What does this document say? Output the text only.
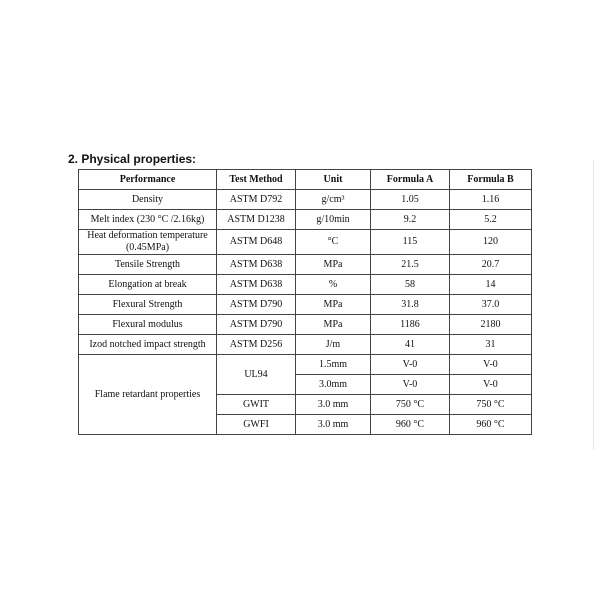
2. Physical properties:
Performance	Test Method	Unit	Formula A	Formula B
Density	ASTM D792	g/cm³	1.05	1.16
Melt index (230 °C /2.16kg)	ASTM D1238	g/10min	9.2	5.2
Heat deformation temperature (0.45MPa)	ASTM D648	°C	115	120
Tensile Strength	ASTM D638	MPa	21.5	20.7
Elongation at break	ASTM D638	%	58	14
Flexural Strength	ASTM D790	MPa	31.8	37.0
Flexural modulus	ASTM D790	MPa	1186	2180
Izod notched impact strength	ASTM D256	J/m	41	31
Flame retardant properties	UL94	1.5mm	V-0	V-0
		3.0mm	V-0	V-0
	GWIT	3.0 mm	750 °C	750 °C
	GWFI	3.0 mm	960 °C	960 °C
